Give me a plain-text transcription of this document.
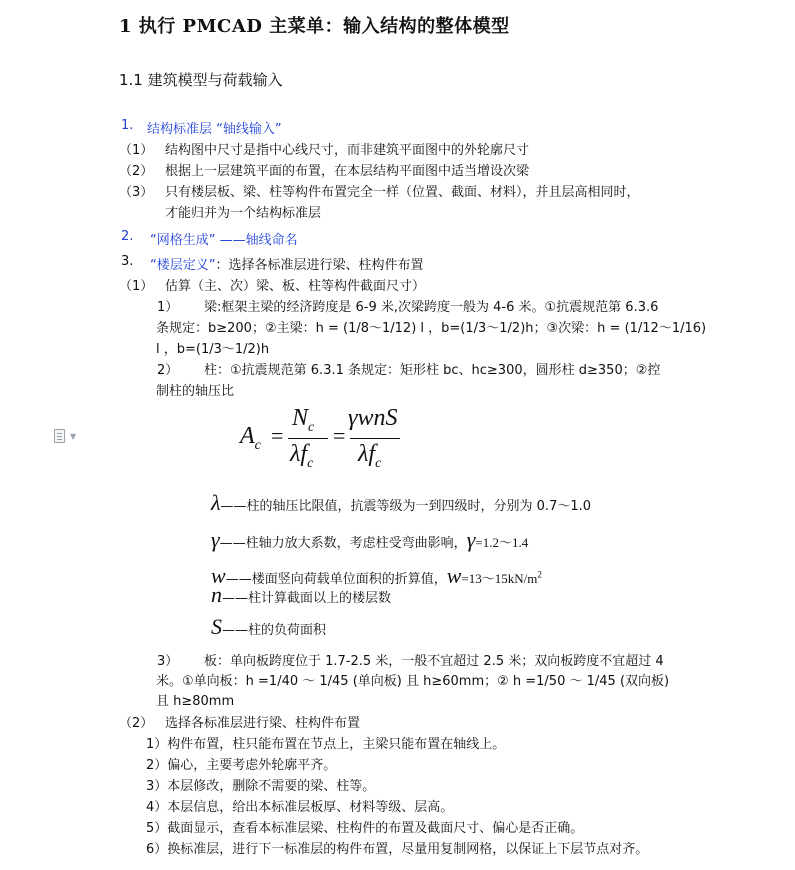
1 执行 PMCAD 主菜单：输入结构的整体模型
1.1 建筑模型与荷载输入
1. 结构标准层 “轴线输入”
（1） 结构图中尺寸是指中心线尺寸，而非建筑平面图中的外轮廓尺寸
（2） 根据上一层建筑平面的布置，在本层结构平面图中适当增设次梁
（3） 只有楼层板、梁、柱等构件布置完全一样（位置、截面、材料），并且层高相同时，
才能归并为一个结构标准层
2. “网格生成” ——轴线命名
3. “楼层定义”：选择各标准层进行梁、柱构件布置
（1） 估算（主、次）梁、板、柱等构件截面尺寸）
1） 梁:框架主梁的经济跨度是 6-9 米,次梁跨度一般为 4-6 米。①抗震规范第 6.3.6
条规定：b≥200；②主梁：h = (1/8～1/12) l ，b=(1/3～1/2)h；③次梁：h = (1/12～1/16)
l ，b=(1/3～1/2)h
2） 柱：①抗震规范第 6.3.1 条规定：矩形柱 bc、hc≥300，圆形柱 d≥350；②控
制柱的轴压比
▼	$A_c$ =
$N_c$
$\lambda f_c$
=
γwnS
$\lambda f_c$
λ——柱的轴压比限值，抗震等级为一到四级时，分别为 0.7～1.0
γ——柱轴力放大系数，考虑柱受弯曲影响，γ=1.2～1.4
w——楼面竖向荷载单位面积的折算值，$w=13\sim 15kN/m^2$
n——柱计算截面以上的楼层数
S——柱的负荷面积
3） 板：单向板跨度位于 1.7-2.5 米，一般不宜超过 2.5 米；双向板跨度不宜超过 4
米。①单向板：h =1/40 ～ 1/45 (单向板) 且 h≥60mm；② h =1/50 ～ 1/45 (双向板)
且 h≥80mm
（2） 选择各标准层进行梁、柱构件布置
1）构件布置，柱只能布置在节点上，主梁只能布置在轴线上。
2）偏心，主要考虑外轮廓平齐。
3）本层修改，删除不需要的梁、柱等。
4）本层信息，给出本标准层板厚、材料等级、层高。
5）截面显示，查看本标准层梁、柱构件的布置及截面尺寸、偏心是否正确。
6）换标准层，进行下一标准层的构件布置，尽量用复制网格，以保证上下层节点对齐。
